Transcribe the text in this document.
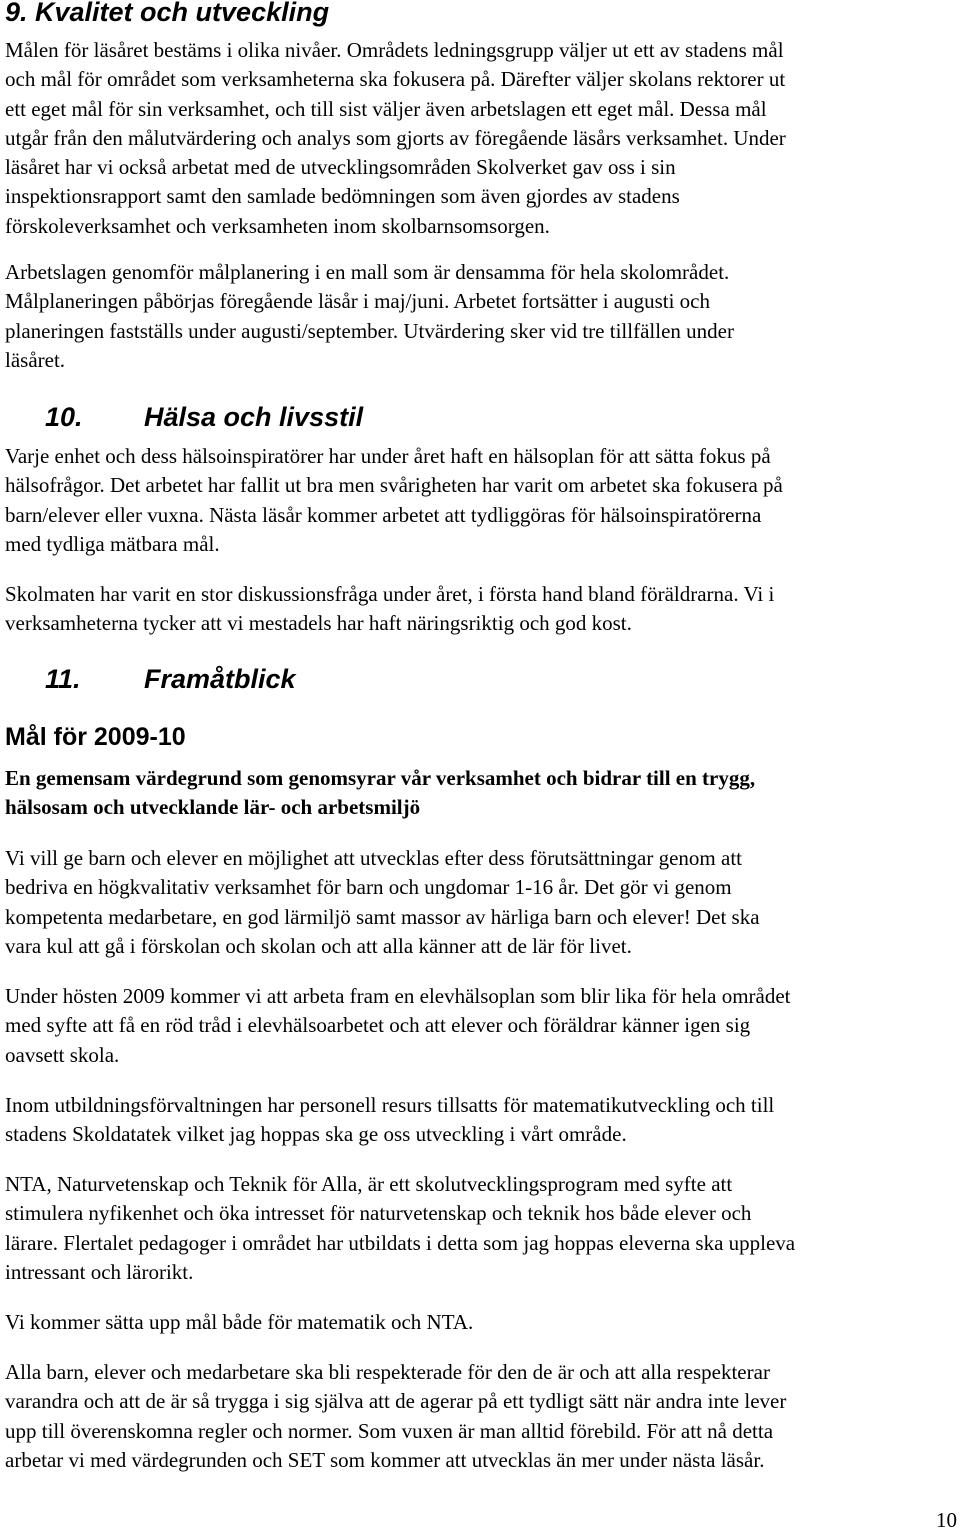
9. Kvalitet och utveckling

Målen för läsåret bestäms i olika nivåer. Områdets ledningsgrupp väljer ut ett av stadens mål

och mål för området som verksamheterna ska fokusera på. Därefter väljer skolans rektorer ut

ett eget mål för sin verksamhet, och till sist väljer även arbetslagen ett eget mål. Dessa mål

utgår från den målutvärdering och analys som gjorts av föregående läsårs verksamhet. Under

läsåret har vi också arbetat med de utvecklingsområden Skolverket gav oss i sin

inspektionsrapport samt den samlade bedömningen som även gjordes av stadens

förskoleverksamhet och verksamheten inom skolbarnsomsorgen.

Arbetslagen genomför målplanering i en mall som är densamma för hela skolområdet.

Målplaneringen påbörjas föregående läsår i maj/juni. Arbetet fortsätter i augusti och

planeringen fastställs under augusti/september. Utvärdering sker vid tre tillfällen under

läsåret.

10. Hälsa och livsstil

Varje enhet och dess hälsoinspiratörer har under året haft en hälsoplan för att sätta fokus på

hälsofrågor. Det arbetet har fallit ut bra men svårigheten har varit om arbetet ska fokusera på

barn/elever eller vuxna. Nästa läsår kommer arbetet att tydliggöras för hälsoinspiratörerna

med tydliga mätbara mål.

Skolmaten har varit en stor diskussionsfråga under året, i första hand bland föräldrarna. Vi i

verksamheterna tycker att vi mestadels har haft näringsriktig och god kost.

11. Framåtblick
Mål för 2009-10

En gemensam värdegrund som genomsyrar vår verksamhet och bidrar till en trygg,

hälsosam och utvecklande lär- och arbetsmiljö

Vi vill ge barn och elever en möjlighet att utvecklas efter dess förutsättningar genom att

bedriva en högkvalitativ verksamhet för barn och ungdomar 1-16 år. Det gör vi genom

kompetenta medarbetare, en god lärmiljö samt massor av härliga barn och elever! Det ska

vara kul att gå i förskolan och skolan och att alla känner att de lär för livet.

Under hösten 2009 kommer vi att arbeta fram en elevhälsoplan som blir lika för hela området

med syfte att få en röd tråd i elevhälsoarbetet och att elever och föräldrar känner igen sig

oavsett skola.

Inom utbildningsförvaltningen har personell resurs tillsatts för matematikutveckling och till

stadens Skoldatatek vilket jag hoppas ska ge oss utveckling i vårt område.

NTA, Naturvetenskap och Teknik för Alla, är ett skolutvecklingsprogram med syfte att

stimulera nyfikenhet och öka intresset för naturvetenskap och teknik hos både elever och

lärare. Flertalet pedagoger i området har utbildats i detta som jag hoppas eleverna ska uppleva

intressant och lärorikt.

Vi kommer sätta upp mål både för matematik och NTA.

Alla barn, elever och medarbetare ska bli respekterade för den de är och att alla respekterar

varandra och att de är så trygga i sig själva att de agerar på ett tydligt sätt när andra inte lever

upp till överenskomna regler och normer. Som vuxen är man alltid förebild. För att nå detta

arbetar vi med värdegrunden och SET som kommer att utvecklas än mer under nästa läsår.

10
